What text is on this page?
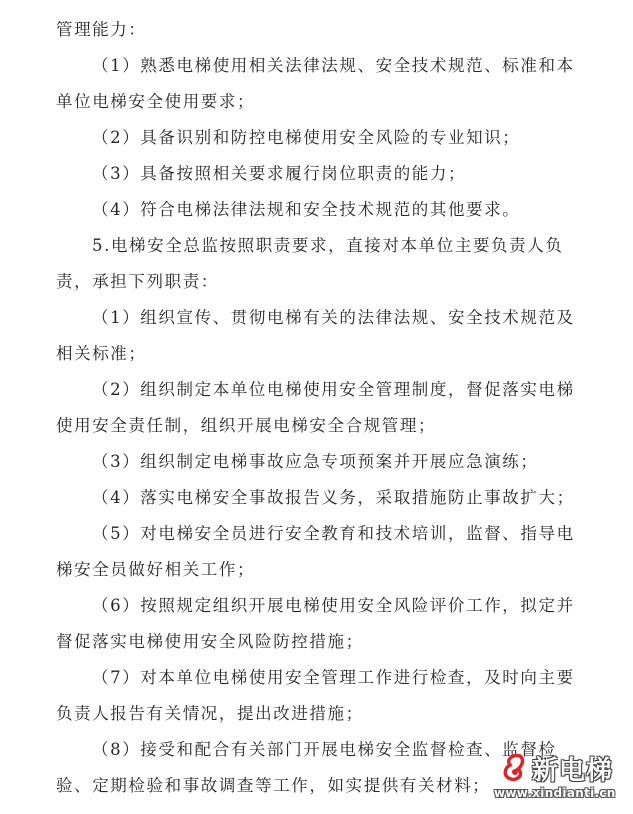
管理能力：
（1）熟悉电梯使用相关法律法规、安全技术规范、标准和本
单位电梯安全使用要求；
（2）具备识别和防控电梯使用安全风险的专业知识；
（3）具备按照相关要求履行岗位职责的能力；
（4）符合电梯法律法规和安全技术规范的其他要求。
5.电梯安全总监按照职责要求，直接对本单位主要负责人负
责，承担下列职责：
（1）组织宣传、贯彻电梯有关的法律法规、安全技术规范及
相关标准；
（2）组织制定本单位电梯使用安全管理制度，督促落实电梯
使用安全责任制，组织开展电梯安全合规管理；
（3）组织制定电梯事故应急专项预案并开展应急演练；
（4）落实电梯安全事故报告义务，采取措施防止事故扩大；
（5）对电梯安全员进行安全教育和技术培训，监督、指导电
梯安全员做好相关工作；
（6）按照规定组织开展电梯使用安全风险评价工作，拟定并
督促落实电梯使用安全风险防控措施；
（7）对本单位电梯使用安全管理工作进行检查，及时向主要
负责人报告有关情况，提出改进措施；
（8）接受和配合有关部门开展电梯安全监督检查、监督检
验、定期检验和事故调查等工作，如实提供有关材料； 新电梯
www.xindianti.cn
